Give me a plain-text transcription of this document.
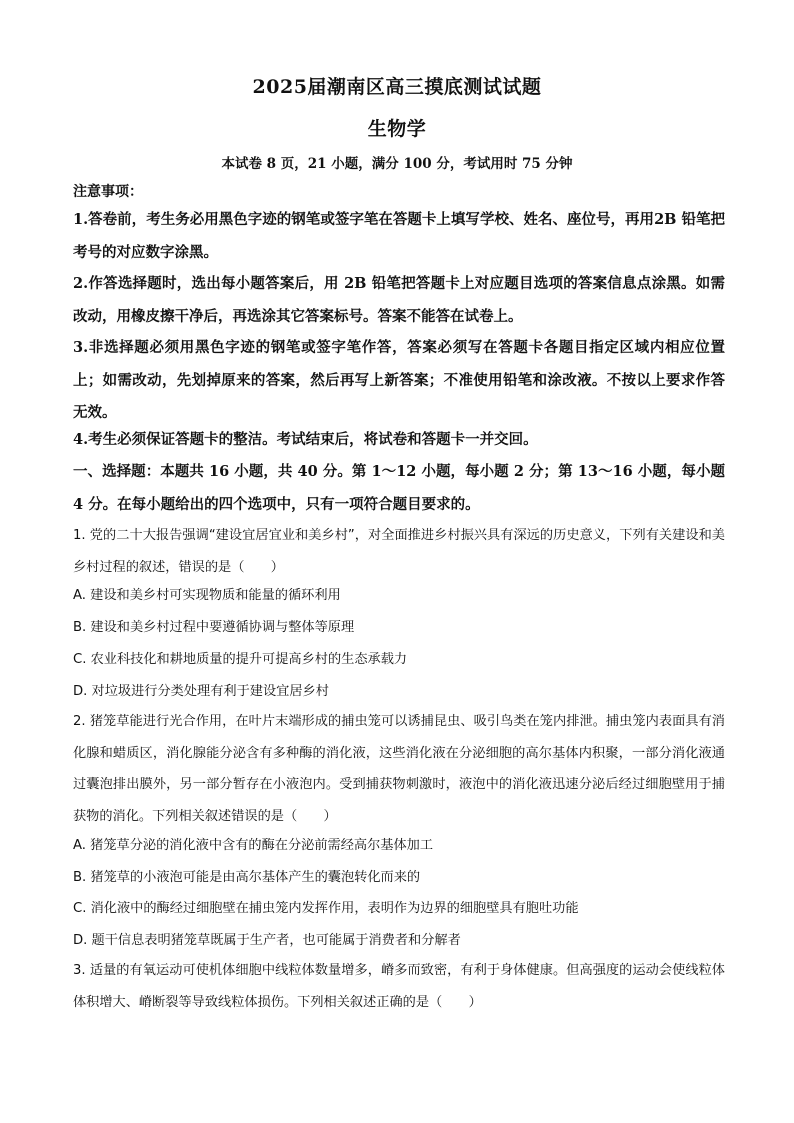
2025届潮南区高三摸底测试试题
生物学
本试卷 8 页，21 小题，满分 100 分，考试用时 75 分钟
注意事项：
1.答卷前，考生务必用黑色字迹的钢笔或签字笔在答题卡上填写学校、姓名、座位号，再用2B 铅笔把考号的对应数字涂黑。
2.作答选择题时，选出每小题答案后，用 2B 铅笔把答题卡上对应题目选项的答案信息点涂黑。如需改动，用橡皮擦干净后，再选涂其它答案标号。答案不能答在试卷上。
3.非选择题必须用黑色字迹的钢笔或签字笔作答，答案必须写在答题卡各题目指定区域内相应位置上；如需改动，先划掉原来的答案，然后再写上新答案；不准使用铅笔和涂改液。不按以上要求作答无效。
4.考生必须保证答题卡的整洁。考试结束后，将试卷和答题卡一并交回。
一、选择题：本题共 16 小题，共 40 分。第 1～12 小题，每小题 2 分；第 13～16 小题，每小题 4 分。在每小题给出的四个选项中，只有一项符合题目要求的。
1. 党的二十大报告强调“建设宜居宜业和美乡村”，对全面推进乡村振兴具有深远的历史意义，下列有关建设和美乡村过程的叙述，错误的是（　　）
A. 建设和美乡村可实现物质和能量的循环利用
B. 建设和美乡村过程中要遵循协调与整体等原理
C. 农业科技化和耕地质量的提升可提高乡村的生态承载力
D. 对垃圾进行分类处理有利于建设宜居乡村
2. 猪笼草能进行光合作用，在叶片末端形成的捕虫笼可以诱捕昆虫、吸引鸟类在笼内排泄。捕虫笼内表面具有消化腺和蜡质区，消化腺能分泌含有多种酶的消化液，这些消化液在分泌细胞的高尔基体内积聚，一部分消化液通过囊泡排出膜外，另一部分暂存在小液泡内。受到捕获物刺激时，液泡中的消化液迅速分泌后经过细胞壁用于捕获物的消化。下列相关叙述错误的是（　　）
A. 猪笼草分泌的消化液中含有的酶在分泌前需经高尔基体加工
B. 猪笼草的小液泡可能是由高尔基体产生的囊泡转化而来的
C. 消化液中的酶经过细胞壁在捕虫笼内发挥作用，表明作为边界的细胞壁具有胞吐功能
D. 题干信息表明猪笼草既属于生产者，也可能属于消费者和分解者
3. 适量的有氧运动可使机体细胞中线粒体数量增多，嵴多而致密，有利于身体健康。但高强度的运动会使线粒体体积增大、嵴断裂等导致线粒体损伤。下列相关叙述正确的是（　　）
